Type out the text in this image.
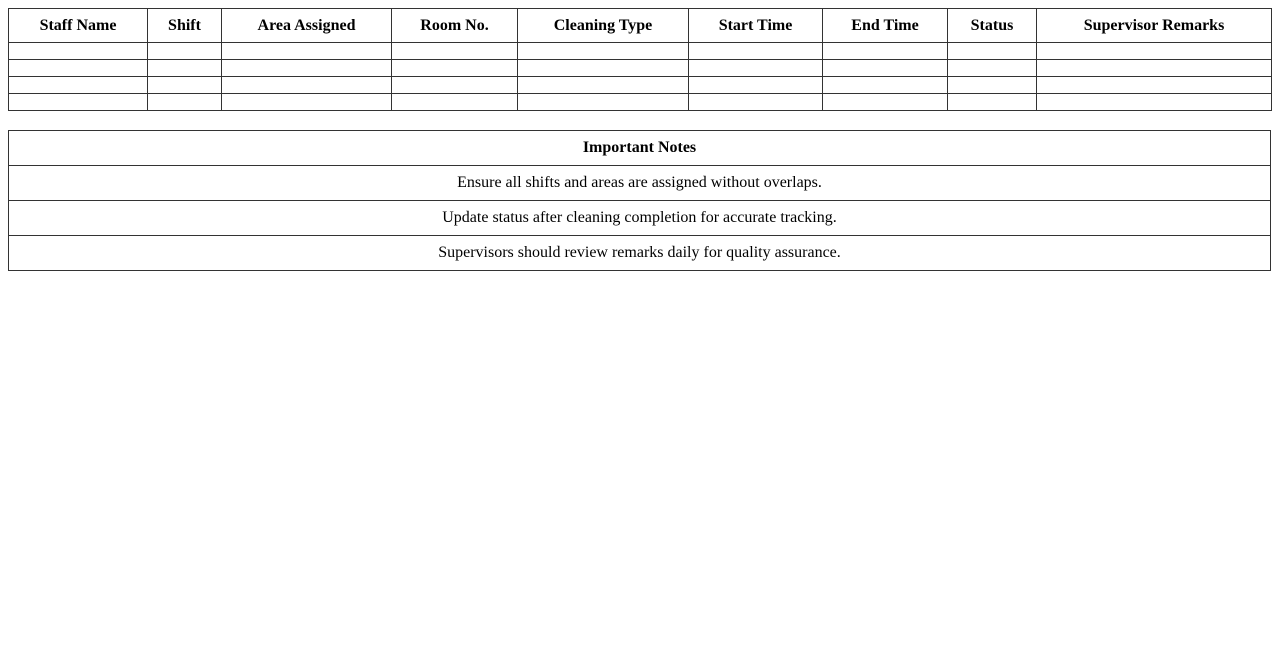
Staff Name	Shift	Area Assigned	Room No.	Cleaning Type	Start Time	End Time	Status	Supervisor Remarks

Important Notes
Ensure all shifts and areas are assigned without overlaps.
Update status after cleaning completion for accurate tracking.
Supervisors should review remarks daily for quality assurance.
